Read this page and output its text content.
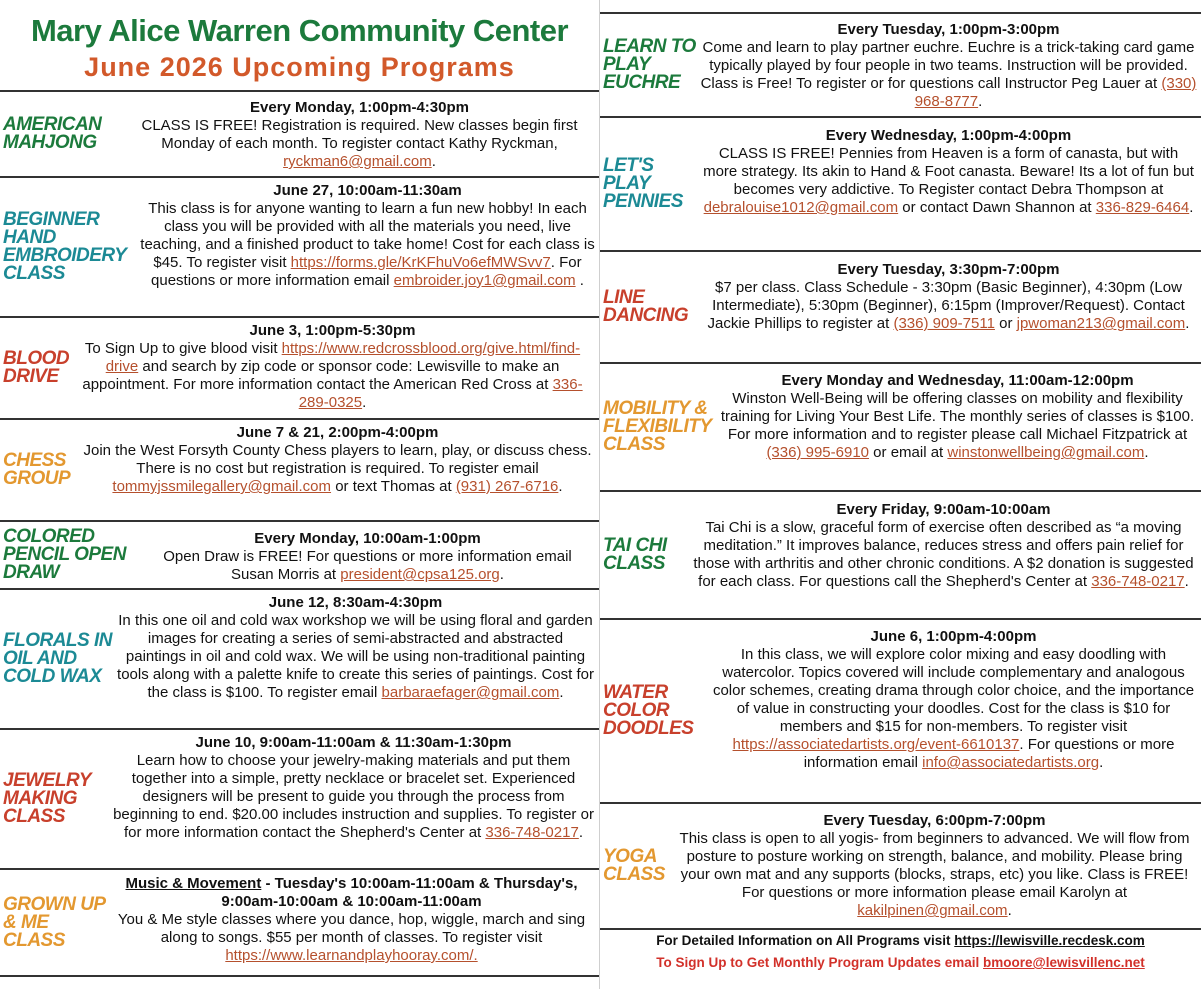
Mary Alice Warren Community Center
June 2026 Upcoming Programs
AMERICAN MAHJONG
Every Monday, 1:00pm-4:30pm
CLASS IS FREE! Registration is required. New classes begin first Monday of each month. To register contact Kathy Ryckman, ryckman6@gmail.com.
BEGINNER HAND EMBROIDERY CLASS
June 27, 10:00am-11:30am
This class is for anyone wanting to learn a fun new hobby! In each class you will be provided with all the materials you need, live teaching, and a finished product to take home! Cost for each class is $45. To register visit https://forms.gle/KrKFhuVo6efMWSvv7. For questions or more information email embroider.joy1@gmail.com .
BLOOD DRIVE
June 3, 1:00pm-5:30pm
To Sign Up to give blood visit https://www.redcrossblood.org/give.html/find-drive and search by zip code or sponsor code: Lewisville to make an appointment. For more information contact the American Red Cross at 336-289-0325.
CHESS GROUP
June 7 & 21, 2:00pm-4:00pm
Join the West Forsyth County Chess players to learn, play, or discuss chess. There is no cost but registration is required. To register email tommyjssmilegallery@gmail.com or text Thomas at (931) 267-6716.
COLORED PENCIL OPEN DRAW
Every Monday, 10:00am-1:00pm
Open Draw is FREE! For questions or more information email Susan Morris at president@cpsa125.org.
FLORALS IN OIL AND COLD WAX
June 12, 8:30am-4:30pm
In this one oil and cold wax workshop we will be using floral and garden images for creating a series of semi-abstracted and abstracted paintings in oil and cold wax. We will be using non-traditional painting tools along with a palette knife to create this series of paintings. Cost for the class is $100. To register email barbaraefager@gmail.com.
JEWELRY MAKING CLASS
June 10, 9:00am-11:00am & 11:30am-1:30pm
Learn how to choose your jewelry-making materials and put them together into a simple, pretty necklace or bracelet set. Experienced designers will be present to guide you through the process from beginning to end. $20.00 includes instruction and supplies. To register or for more information contact the Shepherd's Center at 336-748-0217.
GROWN UP & ME CLASS
Music & Movement - Tuesday's 10:00am-11:00am & Thursday's, 9:00am-10:00am & 10:00am-11:00am
You & Me style classes where you dance, hop, wiggle, march and sing along to songs. $55 per month of classes. To register visit https://www.learnandplayhooray.com/.
LEARN TO PLAY EUCHRE
Every Tuesday, 1:00pm-3:00pm
Come and learn to play partner euchre. Euchre is a trick-taking card game typically played by four people in two teams. Instruction will be provided. Class is Free! To register or for questions call Instructor Peg Lauer at (330) 968-8777.
LET'S PLAY PENNIES
Every Wednesday, 1:00pm-4:00pm
CLASS IS FREE! Pennies from Heaven is a form of canasta, but with more strategy. Its akin to Hand & Foot canasta. Beware! Its a lot of fun but becomes very addictive. To Register contact Debra Thompson at debralouise1012@gmail.com or contact Dawn Shannon at 336-829-6464.
LINE DANCING
Every Tuesday, 3:30pm-7:00pm
$7 per class. Class Schedule - 3:30pm (Basic Beginner), 4:30pm (Low Intermediate), 5:30pm (Beginner), 6:15pm (Improver/Request). Contact Jackie Phillips to register at (336) 909-7511 or jpwoman213@gmail.com.
MOBILITY & FLEXIBILITY CLASS
Every Monday and Wednesday, 11:00am-12:00pm
Winston Well-Being will be offering classes on mobility and flexibility training for Living Your Best Life. The monthly series of classes is $100. For more information and to register please call Michael Fitzpatrick at (336) 995-6910 or email at winstonwellbeing@gmail.com.
TAI CHI CLASS
Every Friday, 9:00am-10:00am
Tai Chi is a slow, graceful form of exercise often described as “a moving meditation.” It improves balance, reduces stress and offers pain relief for those with arthritis and other chronic conditions. A $2 donation is suggested for each class. For questions call the Shepherd's Center at 336-748-0217.
WATER COLOR DOODLES
June 6, 1:00pm-4:00pm
In this class, we will explore color mixing and easy doodling with watercolor. Topics covered will include complementary and analogous color schemes, creating drama through color choice, and the importance of value in constructing your doodles. Cost for the class is $10 for members and $15 for non-members. To register visit https://associatedartists.org/event-6610137. For questions or more information email info@associatedartists.org.
YOGA CLASS
Every Tuesday, 6:00pm-7:00pm
This class is open to all yogis- from beginners to advanced. We will flow from posture to posture working on strength, balance, and mobility. Please bring your own mat and any supports (blocks, straps, etc) you like. Class is FREE! For questions or more information please email Karolyn at kakilpinen@gmail.com.
For Detailed Information on All Programs visit https://lewisville.recdesk.com
To Sign Up to Get Monthly Program Updates email bmoore@lewisvillenc.net
